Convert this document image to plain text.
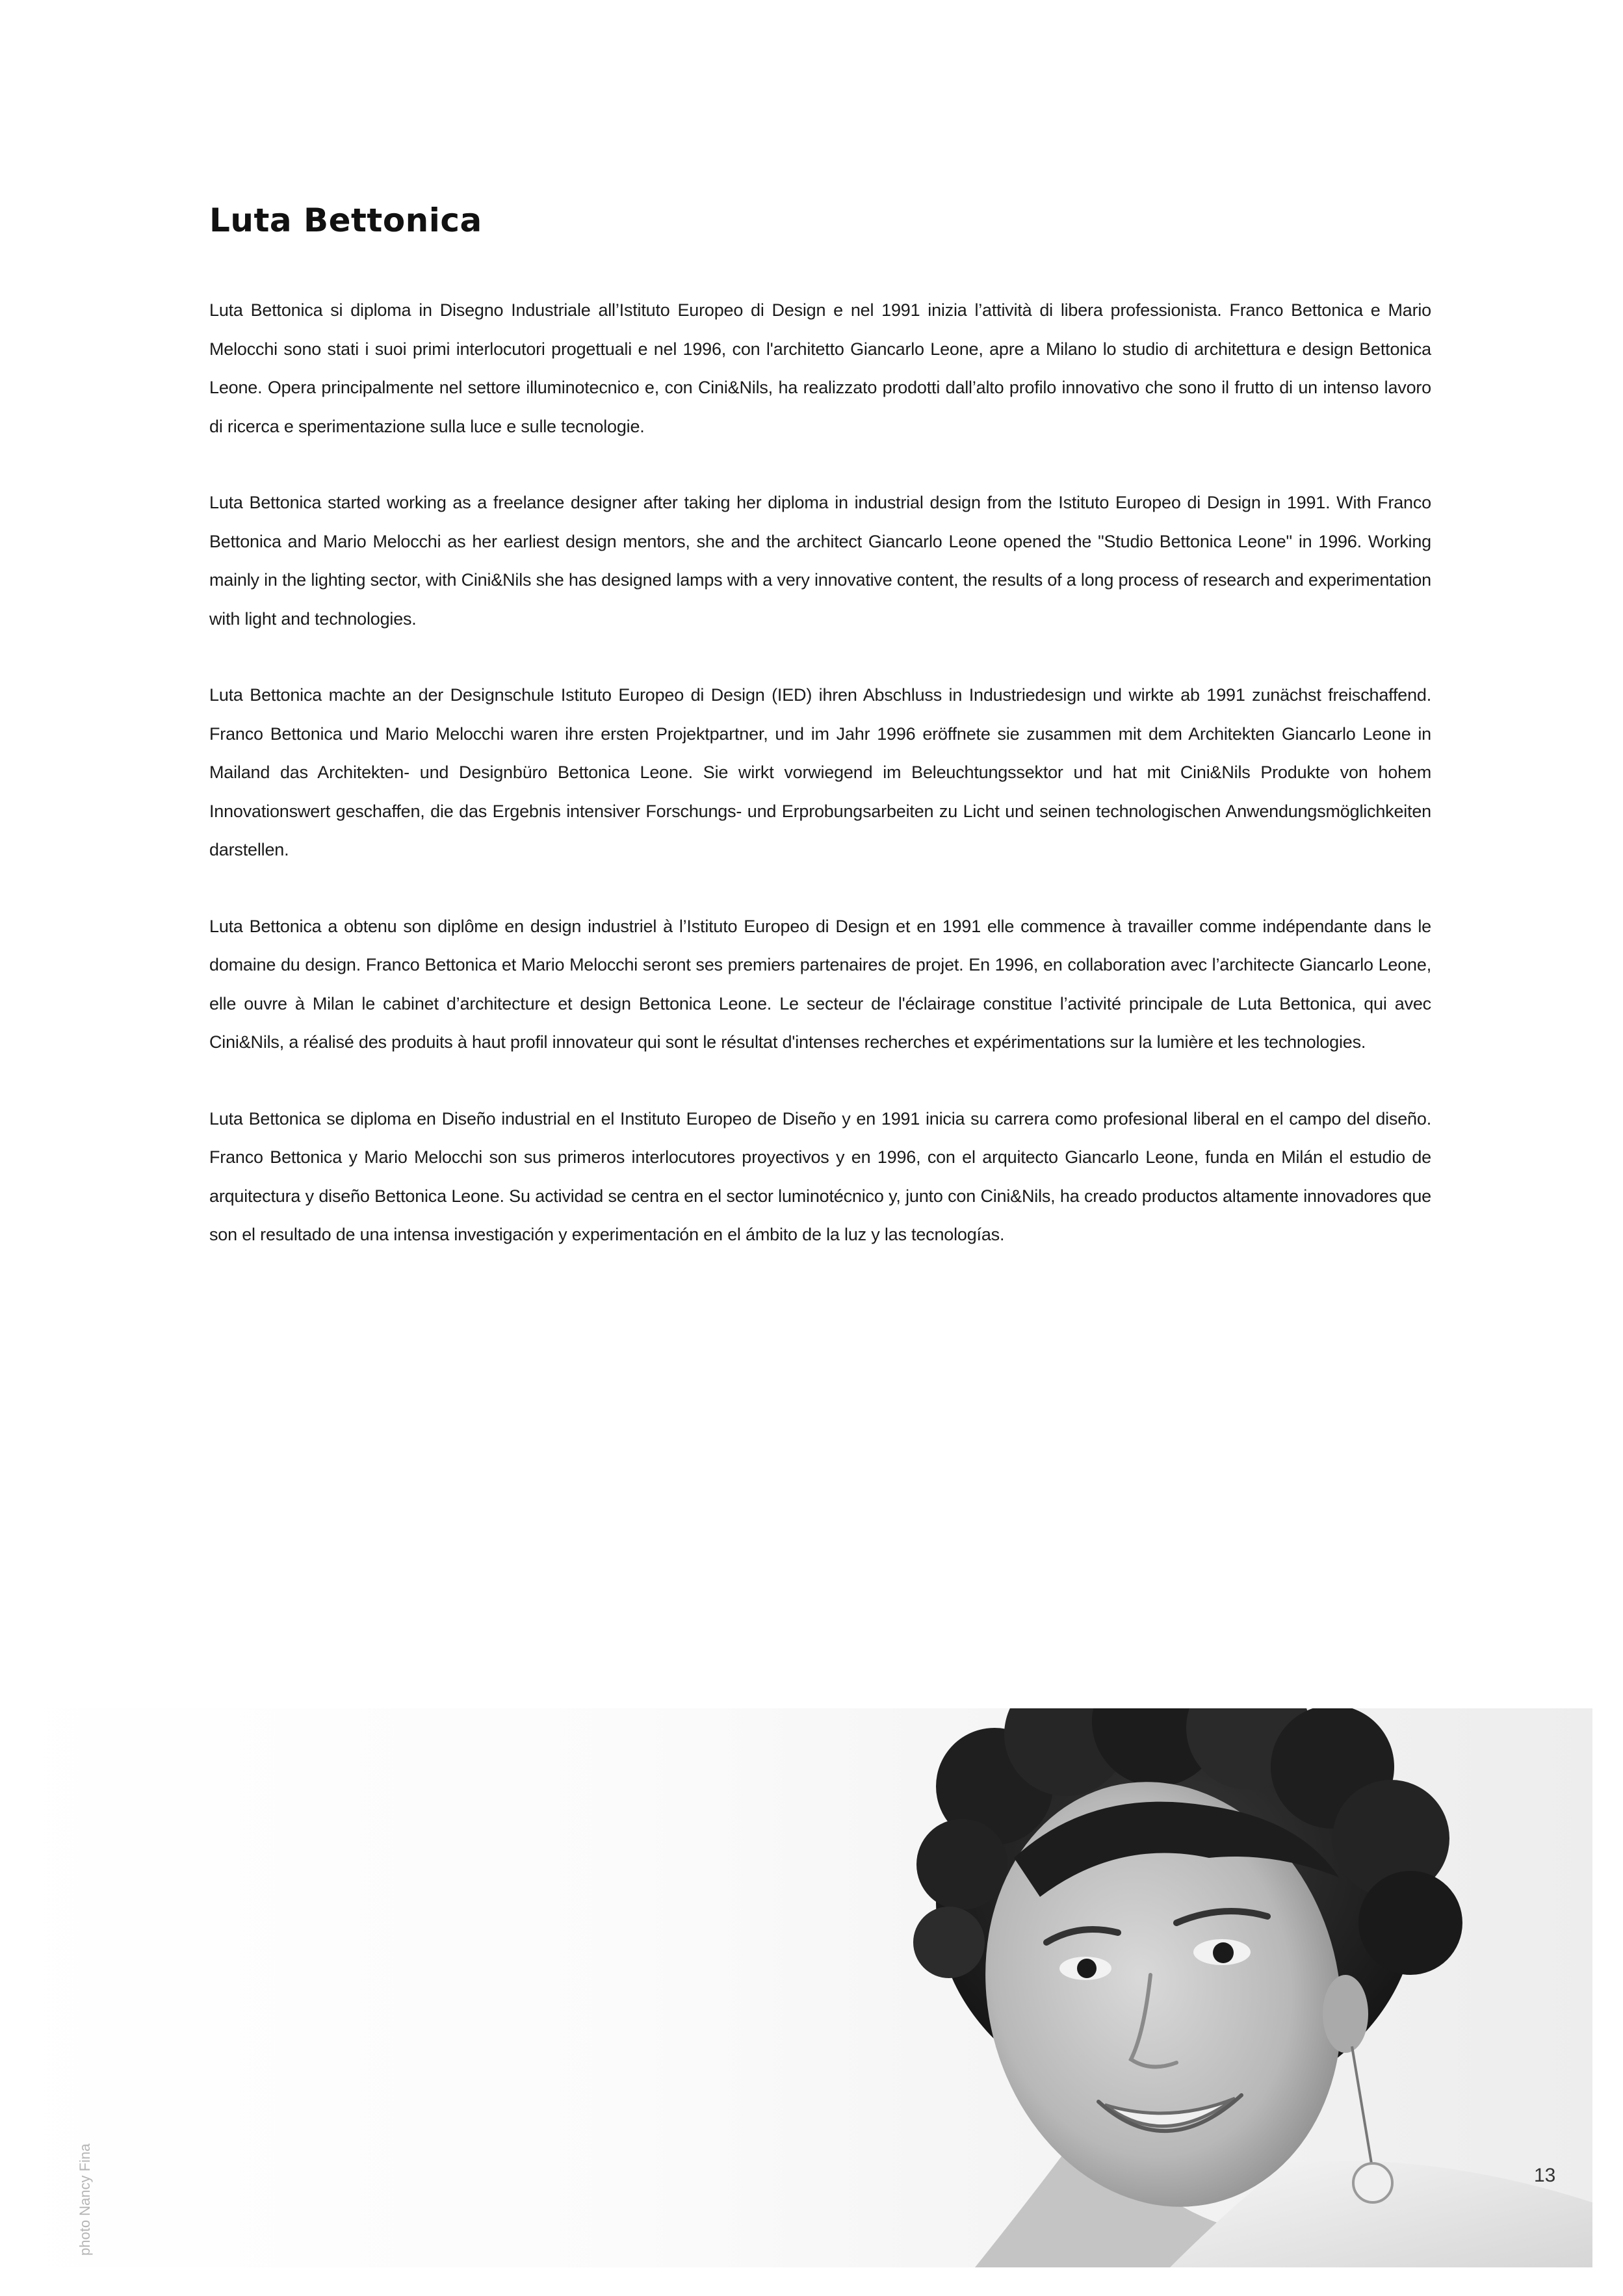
Luta Bettonica

Luta Bettonica si diploma in Disegno Industriale all’Istituto Europeo di Design e nel 1991 inizia l’attività di libera professionista. Franco Bettonica e Mario Melocchi sono stati i suoi primi interlocutori progettuali e nel 1996, con l'architetto Giancarlo Leone, apre a Milano lo studio di architettura e design Bettonica Leone. Opera principalmente nel settore illuminotecnico e, con Cini&Nils, ha realizzato prodotti dall’alto profilo innovativo che sono il frutto di un intenso lavoro di ricerca e sperimentazione sulla luce e sulle tecnologie.

Luta Bettonica started working as a freelance designer after taking her diploma in industrial design from the Istituto Europeo di Design in 1991. With Franco Bettonica and Mario Melocchi as her earliest design mentors, she and the architect Giancarlo Leone opened the "Studio Bettonica Leone" in 1996. Working mainly in the lighting sector, with Cini&Nils she has designed lamps with a very innovative content, the results of a long process of research and experimentation with light and technologies.

Luta Bettonica machte an der Designschule Istituto Europeo di Design (IED) ihren Abschluss in Industriedesign und wirkte ab 1991 zunächst freischaffend. Franco Bettonica und Mario Melocchi waren ihre ersten Projektpartner, und im Jahr 1996 eröffnete sie zusammen mit dem Architekten Giancarlo Leone in Mailand das Architekten- und Designbüro Bettonica Leone. Sie wirkt vorwiegend im Beleuchtungssektor und hat mit Cini&Nils Produkte von hohem Innovationswert geschaffen, die das Ergebnis intensiver Forschungs- und Erprobungsarbeiten zu Licht und seinen technologischen Anwendungsmöglichkeiten darstellen.

Luta Bettonica a obtenu son diplôme en design industriel à l’Istituto Europeo di Design et en 1991 elle commence à travailler comme indépendante dans le domaine du design. Franco Bettonica et Mario Melocchi seront ses premiers partenaires de projet. En 1996, en collaboration avec l’architecte Giancarlo Leone, elle ouvre à Milan le cabinet d’architecture et design Bettonica Leone. Le secteur de l'éclairage constitue l’activité principale de Luta Bettonica, qui avec Cini&Nils, a réalisé des produits à haut profil innovateur qui sont le résultat d'intenses recherches et expérimentations sur la lumière et les technologies.

Luta Bettonica se diploma en Diseño industrial en el Instituto Europeo de Diseño y en 1991 inicia su carrera como profesional liberal en el campo del diseño. Franco Bettonica y Mario Melocchi son sus primeros interlocutores proyectivos y en 1996, con el arquitecto Giancarlo Leone, funda en Milán el estudio de arquitectura y diseño Bettonica Leone. Su actividad se centra en el sector luminotécnico y, junto con Cini&Nils, ha creado productos altamente innovadores que son el resultado de una intensa investigación y experimentación en el ámbito de la luz y las tecnologías.

photo Nancy Fina	13
